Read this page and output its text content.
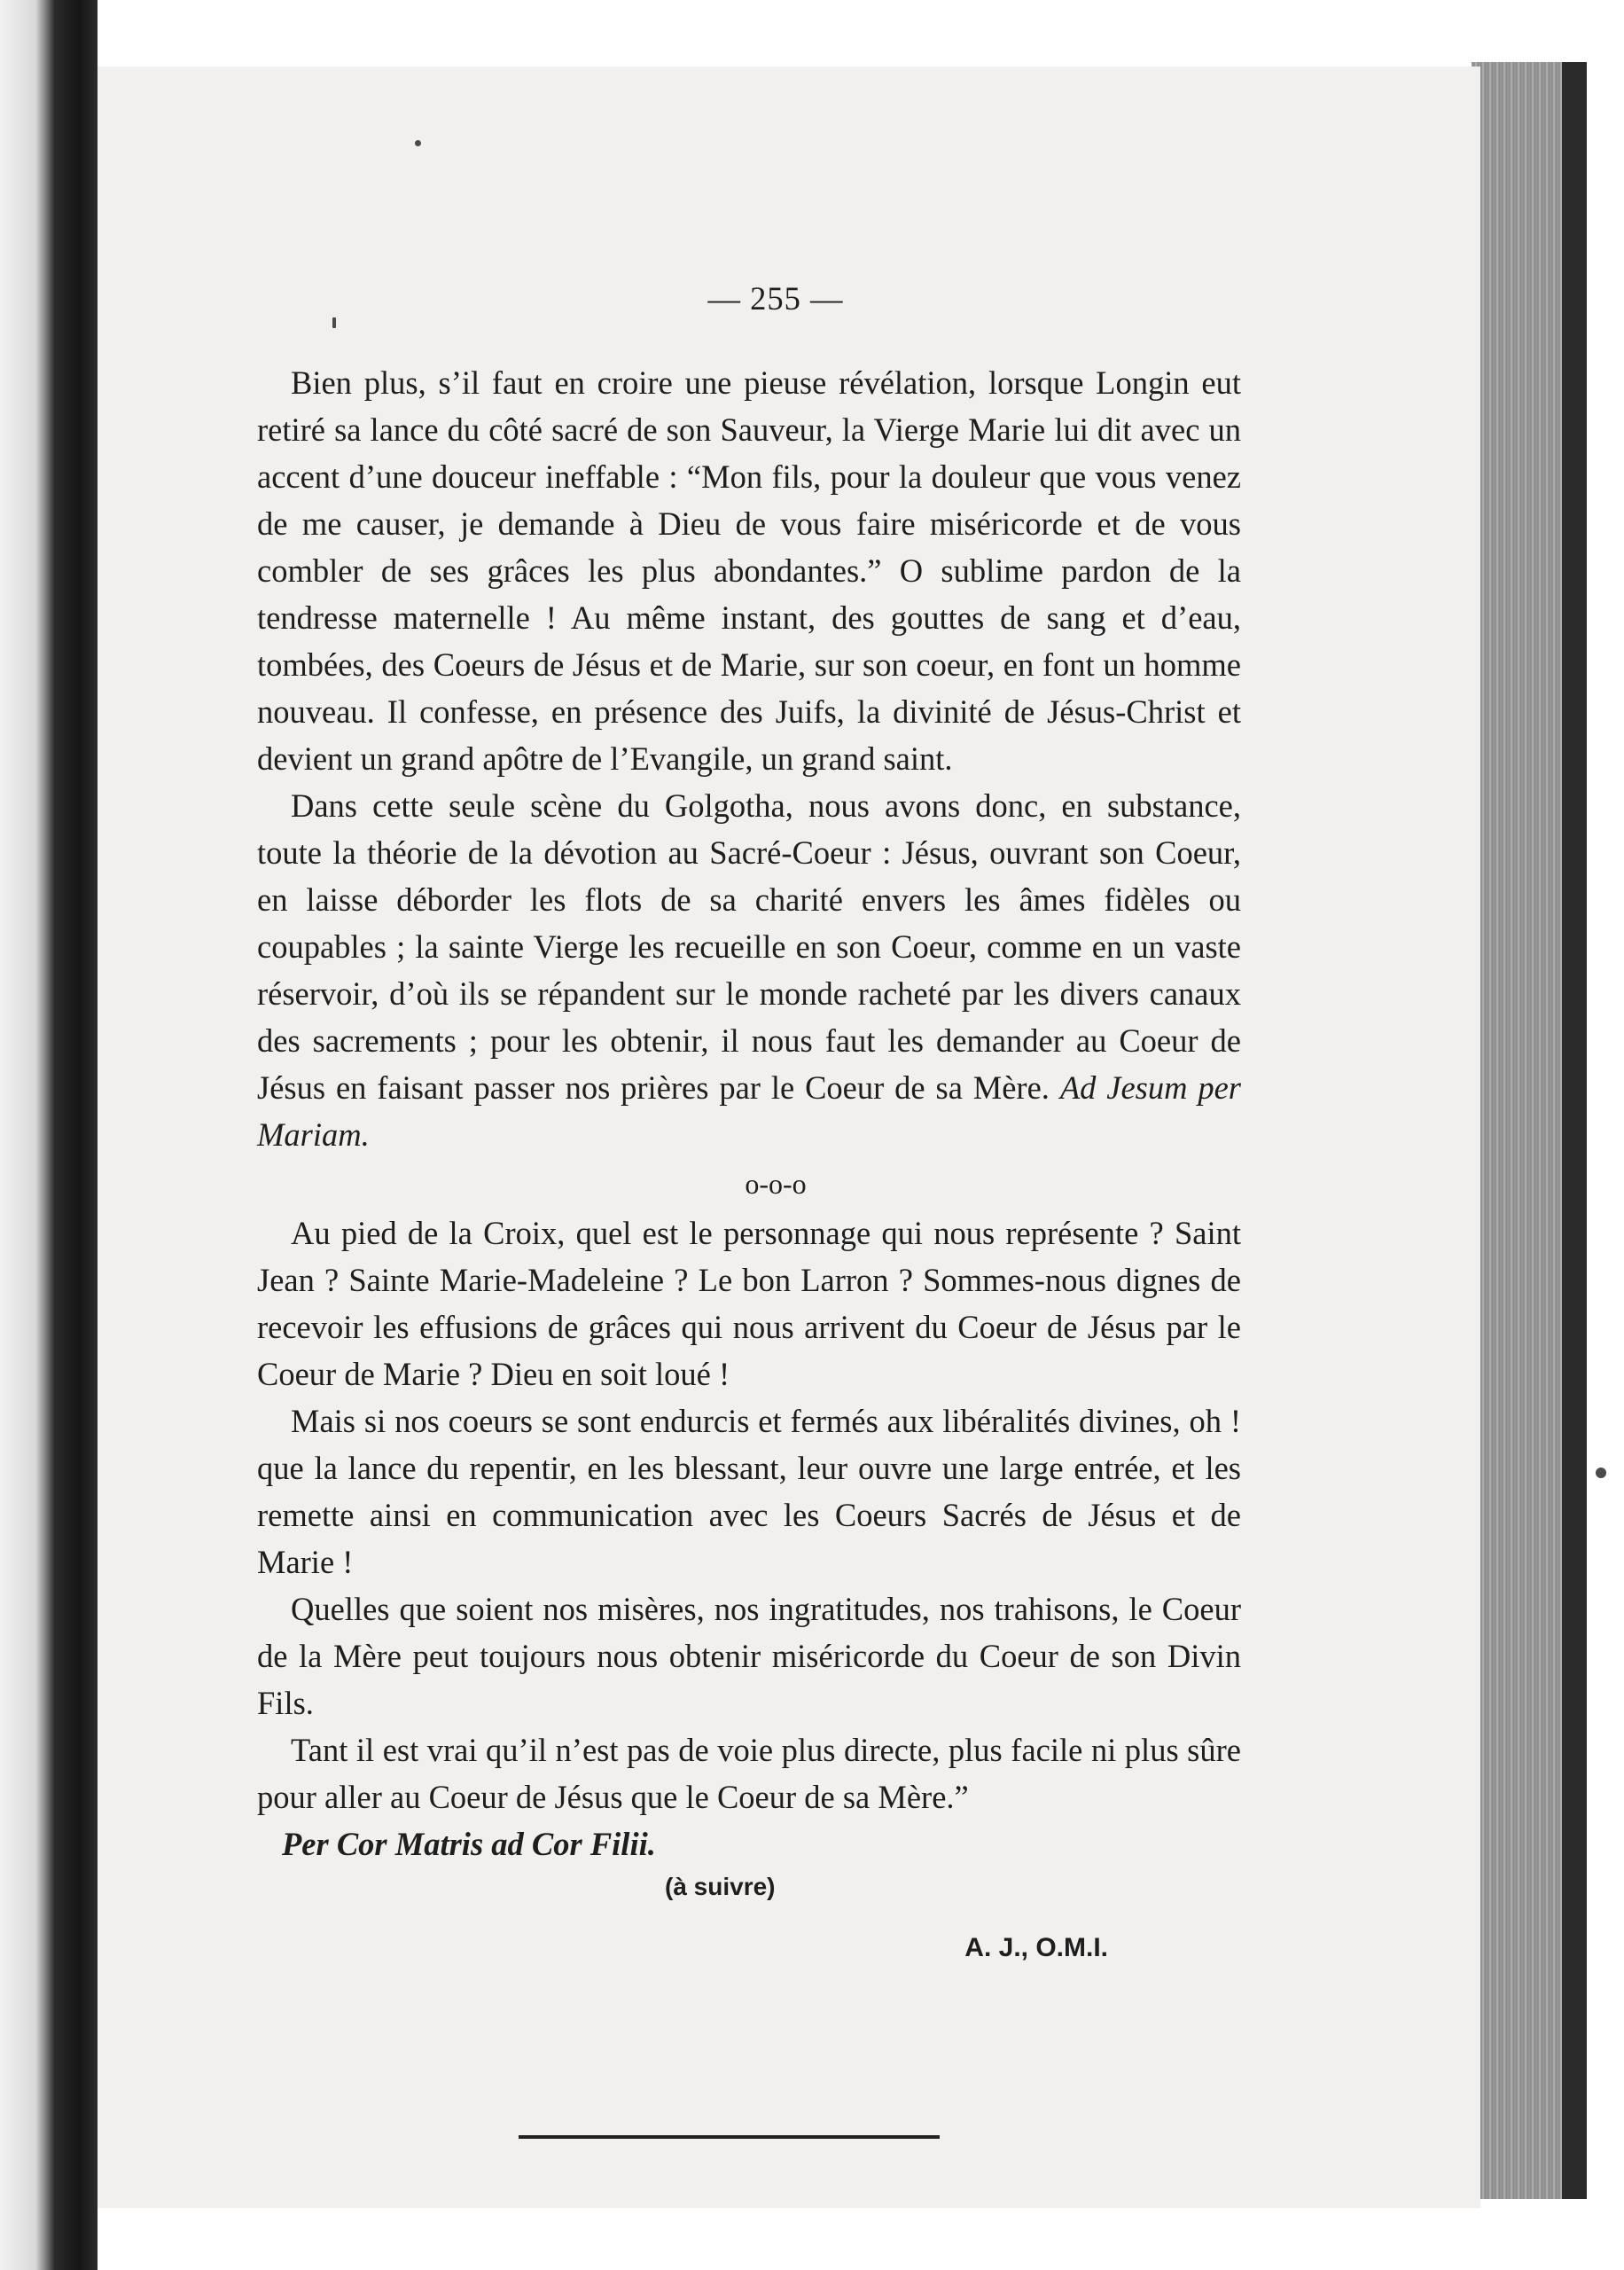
— 255 —

Bien plus, s’il faut en croire une pieuse révélation, lorsque Longin eut retiré sa lance du côté sacré de son Sauveur, la Vierge Marie lui dit avec un accent d’une douceur ineffable : “Mon fils, pour la douleur que vous venez de me causer, je demande à Dieu de vous faire miséricorde et de vous combler de ses grâces les plus abondantes.” O sublime pardon de la tendresse maternelle ! Au même instant, des gouttes de sang et d’eau, tombées, des Coeurs de Jésus et de Marie, sur son coeur, en font un homme nouveau. Il confesse, en présence des Juifs, la divinité de Jésus-Christ et devient un grand apôtre de l’Evangile, un grand saint.

Dans cette seule scène du Golgotha, nous avons donc, en substance, toute la théorie de la dévotion au Sacré-Coeur : Jésus, ouvrant son Coeur, en laisse déborder les flots de sa charité envers les âmes fidèles ou coupables ; la sainte Vierge les recueille en son Coeur, comme en un vaste réservoir, d’où ils se répandent sur le monde racheté par les divers canaux des sacrements ; pour les obtenir, il nous faut les demander au Coeur de Jésus en faisant passer nos prières par le Coeur de sa Mère. Ad Jesum per Mariam.

o-o-o

Au pied de la Croix, quel est le personnage qui nous représente ? Saint Jean ? Sainte Marie-Madeleine ? Le bon Larron ? Sommes-nous dignes de recevoir les effusions de grâces qui nous arrivent du Coeur de Jésus par le Coeur de Marie ? Dieu en soit loué !

Mais si nos coeurs se sont endurcis et fermés aux libéralités divines, oh ! que la lance du repentir, en les blessant, leur ouvre une large entrée, et les remette ainsi en communication avec les Coeurs Sacrés de Jésus et de Marie !

Quelles que soient nos misères, nos ingratitudes, nos trahisons, le Coeur de la Mère peut toujours nous obtenir miséricorde du Coeur de son Divin Fils.

Tant il est vrai qu’il n’est pas de voie plus directe, plus facile ni plus sûre pour aller au Coeur de Jésus que le Coeur de sa Mère.”

Per Cor Matris ad Cor Filii.

(à suivre)

A. J., O.M.I.
